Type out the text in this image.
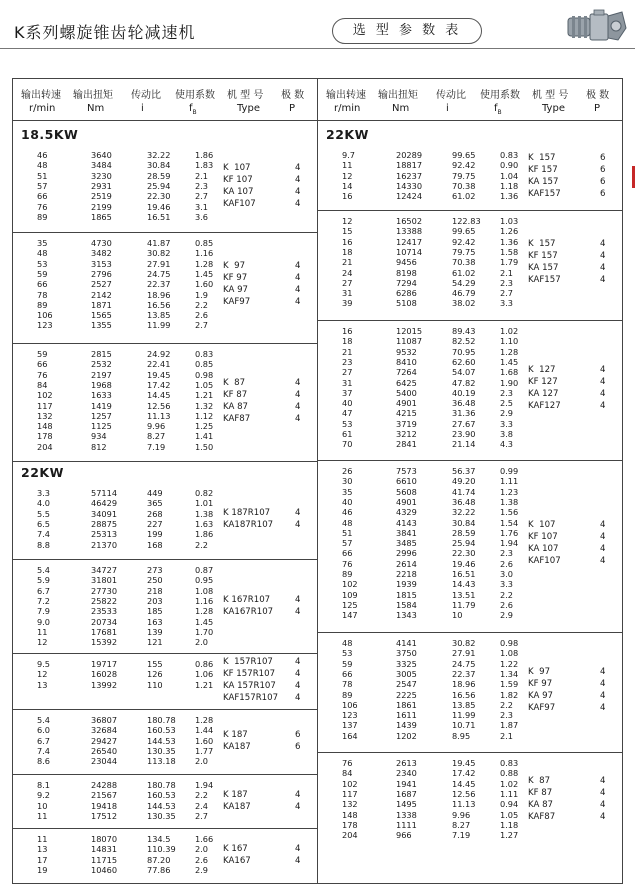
K系列螺旋锥齿轮减速机	选 型 参 数 表
输出转速 输出扭矩 传动比 使用系数 机 型 号 极 数
r/min	Nm	i	$f_B$	Type	P
18.5KW
46	3640	32.22	1.86
48	3484	30.84	1.83
51	3230	28.59	2.1
57	2931	25.94	2.3
66	2519	22.30	2.7
76	2199	19.46	3.1
89	1865	16.51	3.6
K  107	4
KF 107	4
KA 107	4
KAF107	4
35	4730	41.87	0.85
48	3482	30.82	1.16
53	3153	27.91	1.28
59	2796	24.75	1.45
66	2527	22.37	1.60
78	2142	18.96	1.9
89	1871	16.56	2.2
106	1565	13.85	2.6
123	1355	11.99	2.7
K  97	4
KF 97	4
KA 97	4
KAF97	4
59	2815	24.92	0.83
66	2532	22.41	0.85
76	2197	19.45	0.98
84	1968	17.42	1.05
102	1633	14.45	1.21
117	1419	12.56	1.32
132	1257	11.13	1.12
148	1125	9.96	1.25
178	934	8.27	1.41
204	812	7.19	1.50
K  87	4
KF 87	4
KA 87	4
KAF87	4
22KW
3.3	57114	449	0.82
4.0	46429	365	1.01
5.5	34091	268	1.38
6.5	28875	227	1.63
7.4	25313	199	1.86
8.8	21370	168	2.2
K 187R107	4
KA187R107	4
5.4	34727	273	0.87
5.9	31801	250	0.95
6.7	27730	218	1.08
7.2	25822	203	1.16
7.9	23533	185	1.28
9.0	20734	163	1.45
11	17681	139	1.70
12	15392	121	2.0
K 167R107	4
KA167R107	4
9.5	19717	155	0.86
12	16028	126	1.06
13	13992	110	1.21
K  157R107	4
KF 157R107 4
KA 157R107 4
KAF157R107 4
5.4	36807	180.78 1.28
6.0	32684	160.53 1.44
6.7	29427	144.53 1.60
7.4	26540	130.35 1.77
8.6	23044	113.18 2.0
K 187	6
KA187	6
8.1	24288	180.78 1.94
9.2	21567	160.53 2.2
10	19418	144.53 2.4
11	17512	130.35 2.7
K 187	4
KA187	4
11	18070	134.5	1.66
13	14831	110.39 2.0
17	11715	87.20	2.6
19	10460	77.86	2.9
K 167	4
KA167	4
输出转速 输出扭矩 传动比 使用系数 机 型 号 极 数
r/min	Nm	i	$f_B$	Type	P
22KW
9.7	20289	99.65	0.83
11	18817	92.42	0.90
12	16237	79.75	1.04
14	14330	70.38	1.18
16	12424	61.02	1.36
K  157	6
KF 157	6
KA 157	6
KAF157	6
12	16502	122.83 1.03
15	13388	99.65	1.26
16	12417	92.42	1.36
18	10714	79.75	1.58
21	9456	70.38	1.79
24	8198	61.02	2.1
27	7294	54.29	2.3
31	6286	46.79	2.7
39	5108	38.02	3.3
K  157	4
KF 157	4
KA 157	4
KAF157	4
16	12015	89.43	1.02
18	11087	82.52	1.10
21	9532	70.95	1.28
23	8410	62.60	1.45
27	7264	54.07	1.68
31	6425	47.82	1.90
37	5400	40.19	2.3
40	4901	36.48	2.5
47	4215	31.36	2.9
53	3719	27.67	3.3
61	3212	23.90	3.8
70	2841	21.14	4.3
K  127	4
KF 127	4
KA 127	4
KAF127	4
26	7573	56.37	0.99
30	6610	49.20	1.11
35	5608	41.74	1.23
40	4901	36.48	1.38
46	4329	32.22	1.56
48	4143	30.84	1.54
51	3841	28.59	1.76
57	3485	25.94	1.94
66	2996	22.30	2.3
76	2614	19.46	2.6
89	2218	16.51	3.0
102	1939	14.43	3.3
109	1815	13.51	2.2
125	1584	11.79	2.6
147	1343	10	2.9
K  107	4
KF 107	4
KA 107	4
KAF107	4
48	4141	30.82	0.98
53	3750	27.91	1.08
59	3325	24.75	1.22
66	3005	22.37	1.34
78	2547	18.96	1.59
89	2225	16.56	1.82
106	1861	13.85	2.2
123	1611	11.99	2.3
137	1439	10.71	1.87
164	1202	8.95	2.1
K  97	4
KF 97	4
KA 97	4
KAF97	4
76	2613	19.45	0.83
84	2340	17.42	0.88
102	1941	14.45	1.02
117	1687	12.56	1.11
132	1495	11.13	0.94
148	1338	9.96	1.05
178	1111	8.27	1.18
204	966	7.19	1.27
K  87	4
KF 87	4
KA 87	4
KAF87	4
